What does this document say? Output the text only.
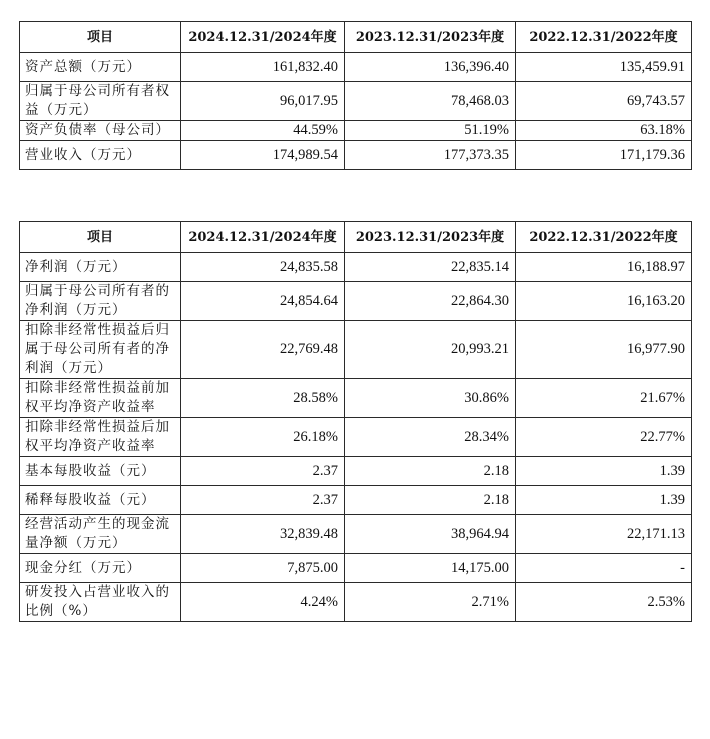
项目	2024.12.31/2024年度	2023.12.31/2023年度	2022.12.31/2022年度
资产总额（万元）	161,832.40	136,396.40	135,459.91
归属于母公司所有者权益（万元）	96,017.95	78,468.03	69,743.57
资产负债率（母公司）	44.59%	51.19%	63.18%
营业收入（万元）	174,989.54	177,373.35	171,179.36
项目	2024.12.31/2024年度	2023.12.31/2023年度	2022.12.31/2022年度
净利润（万元）	24,835.58	22,835.14	16,188.97
归属于母公司所有者的净利润（万元）	24,854.64	22,864.30	16,163.20
扣除非经常性损益后归属于母公司所有者的净利润（万元）	22,769.48	20,993.21	16,977.90
扣除非经常性损益前加权平均净资产收益率	28.58%	30.86%	21.67%
扣除非经常性损益后加权平均净资产收益率	26.18%	28.34%	22.77%
基本每股收益（元）	2.37	2.18	1.39
稀释每股收益（元）	2.37	2.18	1.39
经营活动产生的现金流量净额（万元）	32,839.48	38,964.94	22,171.13
现金分红（万元）	7,875.00	14,175.00	-
研发投入占营业收入的比例（%）	4.24%	2.71%	2.53%
